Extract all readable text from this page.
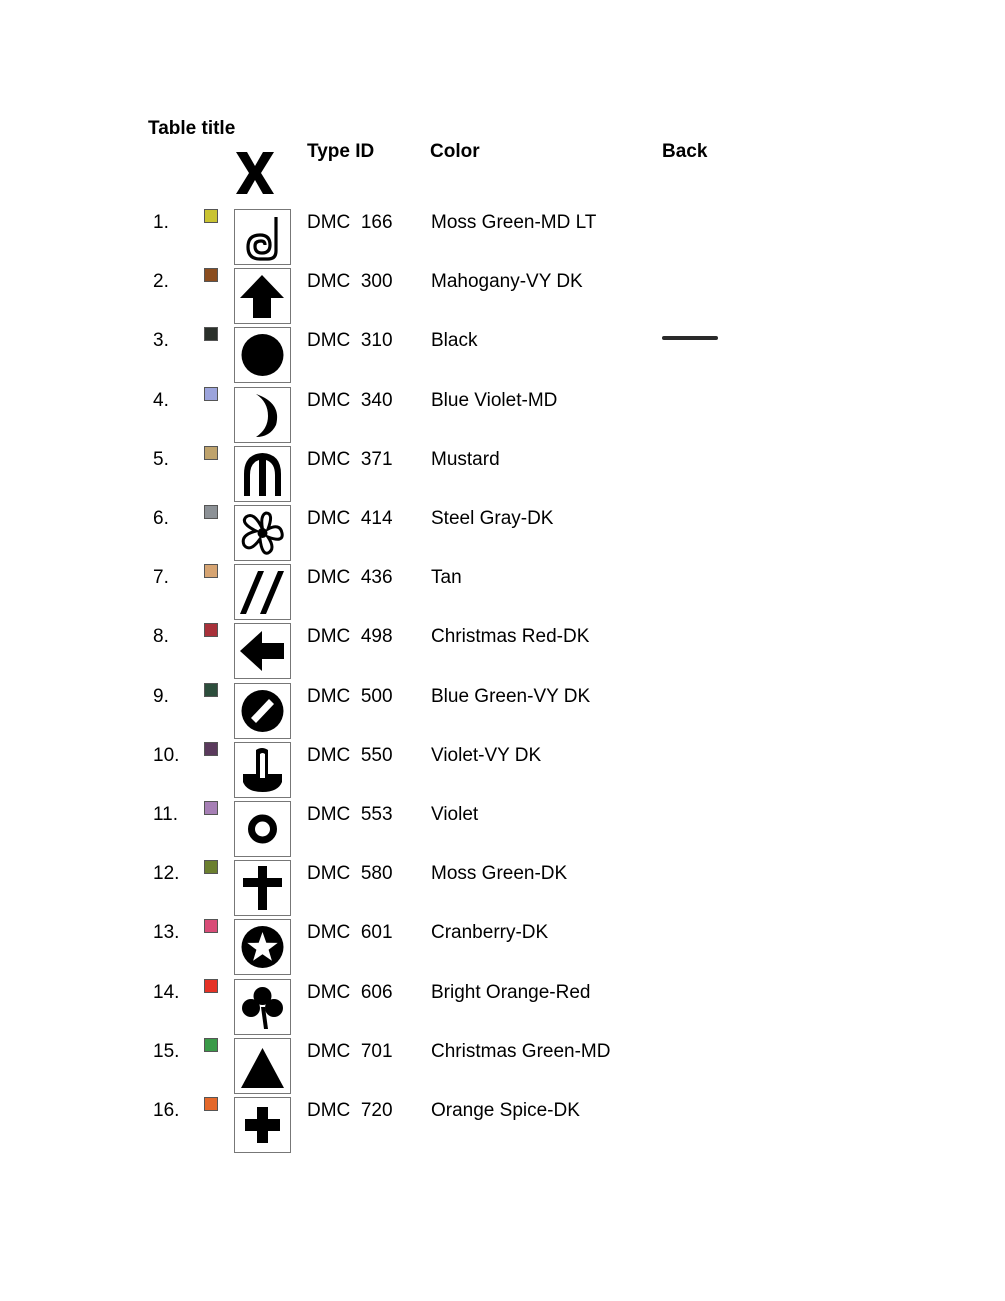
Table title
Type ID	Color	Back
1.	DMC 166 Moss Green-MD LT
2.	DMC 300 Mahogany-VY DK
3.	DMC 310 Black
4.	DMC 340 Blue Violet-MD
5.	DMC 371 Mustard
6.	DMC 414 Steel Gray-DK
7.	DMC 436 Tan
8.	DMC 498 Christmas Red-DK
9.	DMC 500 Blue Green-VY DK
10.	DMC 550 Violet-VY DK
11.	DMC 553 Violet
12.	DMC 580 Moss Green-DK
13.	DMC 601 Cranberry-DK
14.	DMC 606 Bright Orange-Red
15.	DMC 701 Christmas Green-MD
16.	DMC 720 Orange Spice-DK
